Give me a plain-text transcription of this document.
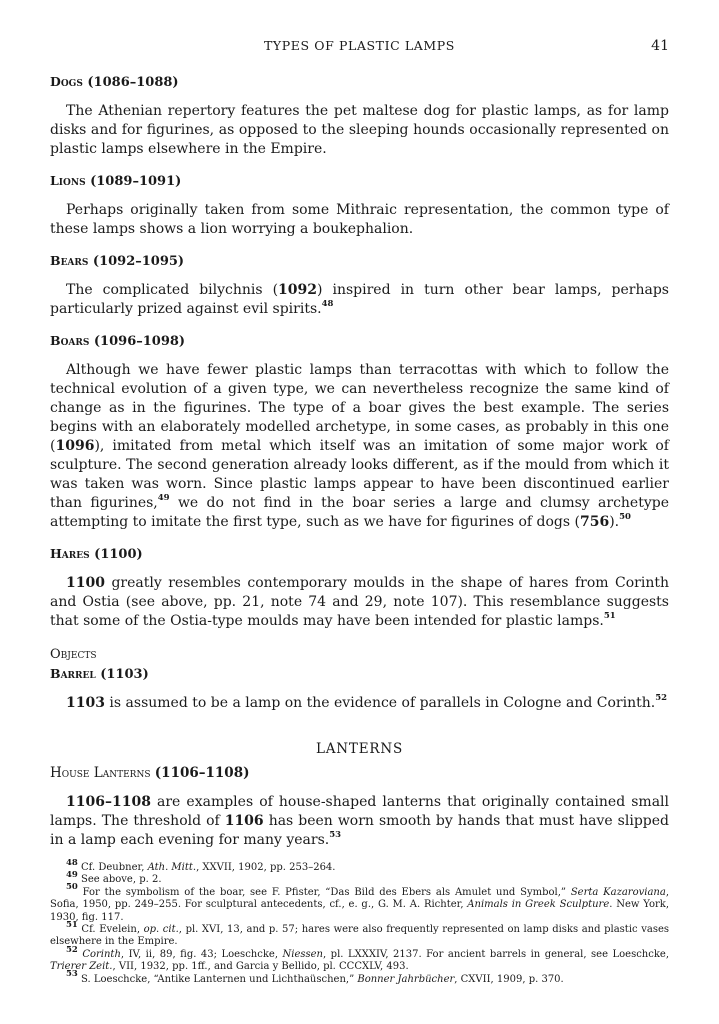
TYPES OF PLASTIC LAMPS	41
Dogs (1086–1088)

The Athenian repertory features the pet maltese dog for plastic lamps, as for lamp disks and for figurines, as opposed to the sleeping hounds occasionally represented on plastic lamps elsewhere in the Empire.

Lions (1089–1091)

Perhaps originally taken from some Mithraic representation, the common type of these lamps shows a lion worrying a boukephalion.

Bears (1092–1095)

The complicated bilychnis (1092) inspired in turn other bear lamps, perhaps particularly prized against evil spirits.$^{48}$

Boars (1096–1098)

Although we have fewer plastic lamps than terracottas with which to follow the technical evolution of a given type, we can nevertheless recognize the same kind of change as in the figurines. The type of a boar gives the best example. The series begins with an elaborately modelled archetype, in some cases, as probably in this one (1096), imitated from metal which itself was an imitation of some major work of sculpture. The second generation already looks different, as if the mould from which it was taken was worn. Since plastic lamps appear to have been discontinued earlier than figurines,$^{49}$ we do not find in the boar series a large and clumsy archetype attempting to imitate the first type, such as we have for figurines of dogs (756).$^{50}$

Hares (1100)

1100 greatly resembles contemporary moulds in the shape of hares from Corinth and Ostia (see above, pp. 21, note 74 and 29, note 107). This resemblance suggests that some of the Ostia-type moulds may have been intended for plastic lamps.$^{51}$

Objects
Barrel (1103)

1103 is assumed to be a lamp on the evidence of parallels in Cologne and Corinth.$^{52}$

LANTERNS
House Lanterns (1106–1108)

1106–1108 are examples of house-shaped lanterns that originally contained small lamps. The threshold of 1106 has been worn smooth by hands that must have slipped in a lamp each evening for many years.$^{53}$

$^{48}$ Cf. Deubner, Ath. Mitt., XXVII, 1902, pp. 253–264.

$^{49}$ See above, p. 2.

$^{50}$ For the symbolism of the boar, see F. Pfister, “Das Bild des Ebers als Amulet und Symbol,” Serta Kazaroviana, Sofia, 1950, pp. 249–255. For sculptural antecedents, cf., e. g., G. M. A. Richter, Animals in Greek Sculpture. New York, 1930, fig. 117.

$^{51}$ Cf. Evelein, op. cit., pl. XVI, 13, and p. 57; hares were also frequently represented on lamp disks and plastic vases elsewhere in the Empire.

$^{52}$ Corinth, IV, ii, 89, fig. 43; Loeschcke, Niessen, pl. LXXXIV, 2137. For ancient barrels in general, see Loeschcke, Trierer Zeit., VII, 1932, pp. 1ff., and Garcia y Bellido, pl. CCCXLV, 493.

$^{53}$ S. Loeschcke, “Antike Lanternen und Lichthaüschen,” Bonner Jahrbücher, CXVII, 1909, p. 370.
